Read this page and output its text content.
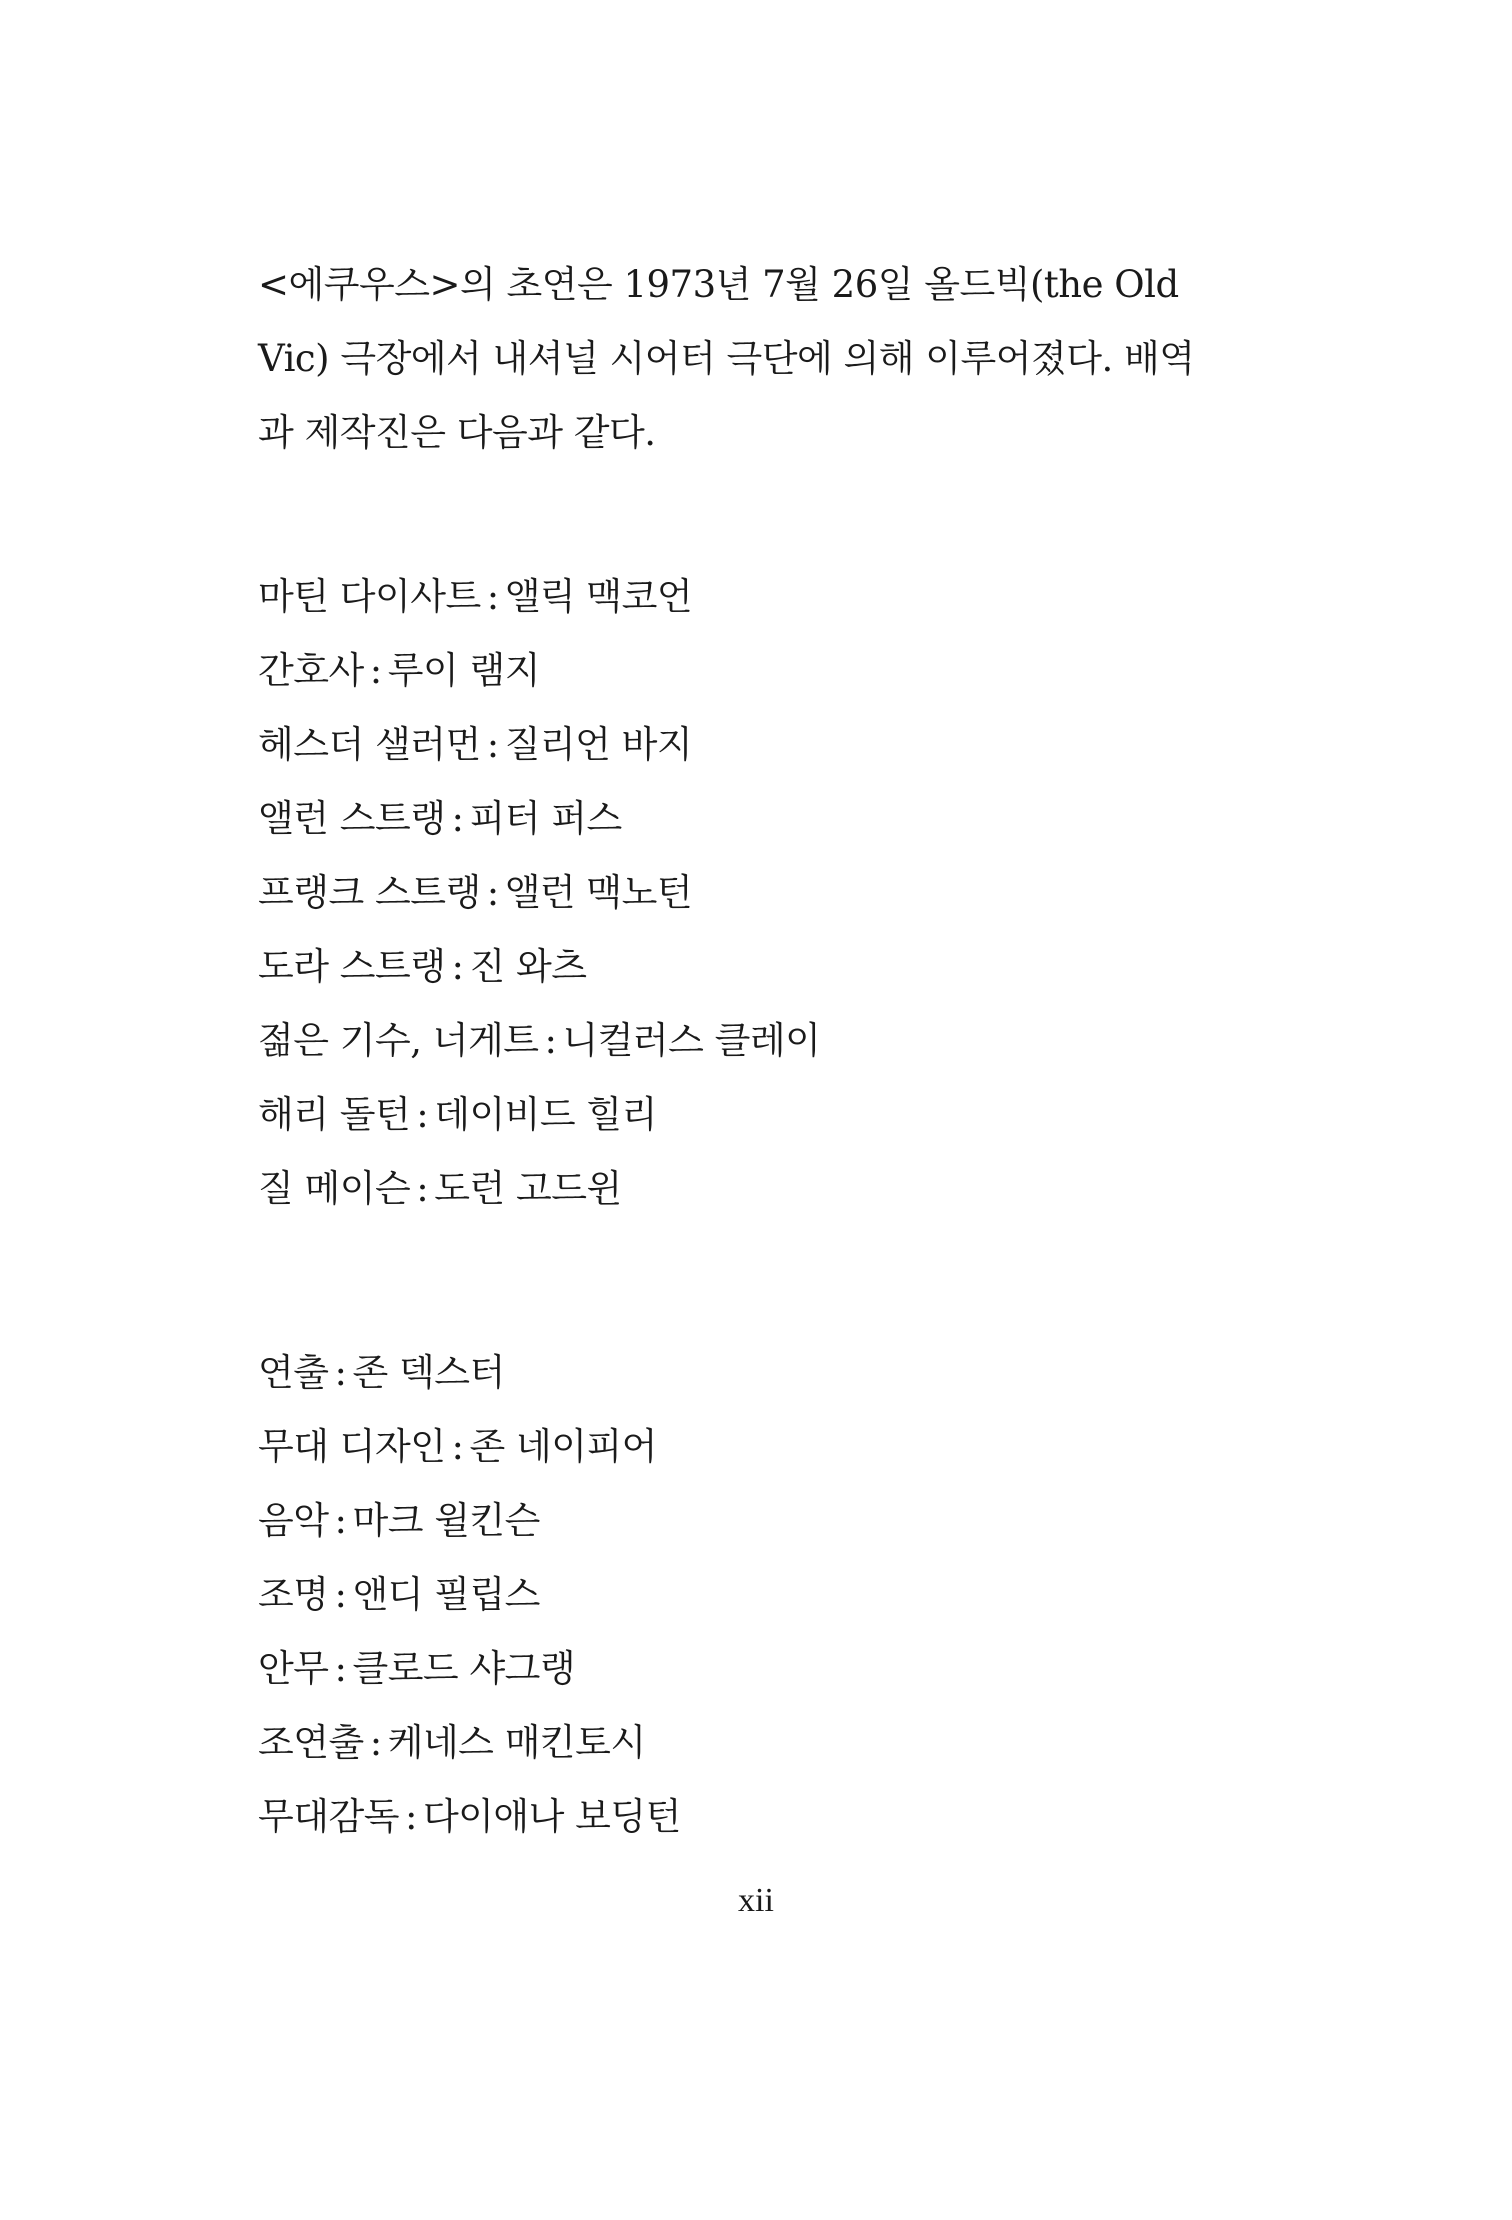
<에쿠우스>의 초연은 1973년 7월 26일 올드빅(the Old

Vic) 극장에서 내셔널 시어터 극단에 의해 이루어졌다. 배역

과 제작진은 다음과 같다.

마틴 다이사트 : 앨릭 맥코언
간호사 : 루이 램지
헤스더 샐러먼 : 질리언 바지
앨런 스트랭 : 피터 퍼스
프랭크 스트랭 : 앨런 맥노턴
도라 스트랭 : 진 와츠
젊은 기수, 너게트 : 니컬러스 클레이
해리 돌턴 : 데이비드 힐리
질 메이슨 : 도런 고드윈
연출 : 존 덱스터
무대 디자인 : 존 네이피어
음악 : 마크 윌킨슨
조명 : 앤디 필립스
안무 : 클로드 샤그랭
조연출 : 케네스 매킨토시
무대감독 : 다이애나 보딩턴
xii
